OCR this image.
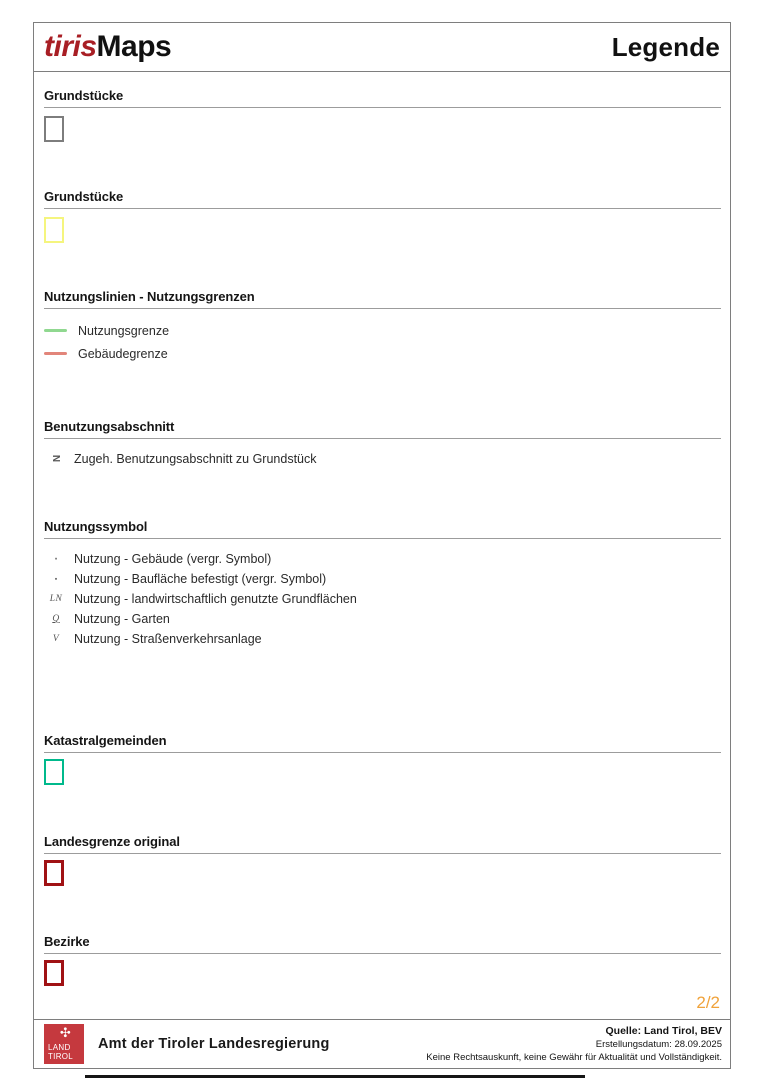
tirisMaps	Legende
Grundstücke
Grundstücke
Nutzungslinien - Nutzungsgrenzen
Nutzungsgrenze
Gebäudegrenze
Benutzungsabschnitt
N Zugeh. Benutzungsabschnitt zu Grundstück
Nutzungssymbol
· Nutzung - Gebäude (vergr. Symbol)
▪ Nutzung - Baufläche befestigt (vergr. Symbol)
LN Nutzung - landwirtschaftlich genutzte Grundflächen
Q Nutzung - Garten
V Nutzung - Straßenverkehrsanlage
Katastralgemeinden
Landesgrenze original
Bezirke
2/2
✣
LAND
TIROL
Amt der Tiroler Landesregierung
Quelle: Land Tirol, BEV
Erstellungsdatum: 28.09.2025
Keine Rechtsauskunft, keine Gewähr für Aktualität und Vollständigkeit.
